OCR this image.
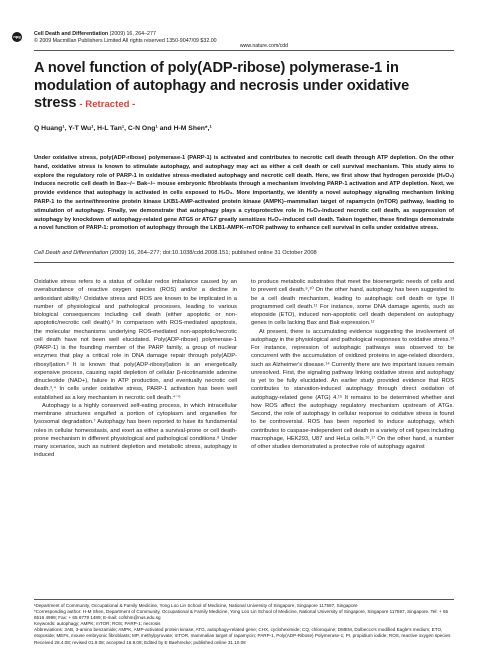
npg	Cell Death and Differentiation (2009) 16, 264–277
© 2009 Macmillan Publishers Limited All rights reserved 1350-9047/09 $32.00
www.nature.com/cdd
A novel function of poly(ADP-ribose) polymerase-1 in modulation of autophagy and necrosis under oxidative stress - Retracted -
Q Huang¹, Y-T Wu¹, H-L Tan¹, C-N Ong¹ and H-M Shen*,¹

Under oxidative stress, poly(ADP-ribose) polymerase-1 (PARP-1) is activated and contributes to necrotic cell death through ATP depletion. On the other hand, oxidative stress is known to stimulate autophagy, and autophagy may act as either a cell death or cell survival mechanism. This study aims to explore the regulatory role of PARP-1 in oxidative stress-mediated autophagy and necrotic cell death. Here, we first show that hydrogen peroxide (H₂O₂) induces necrotic cell death in Bax−/− Bak−/− mouse embryonic fibroblasts through a mechanism involving PARP-1 activation and ATP depletion. Next, we provide evidence that autophagy is activated in cells exposed to H₂O₂. More importantly, we identify a novel autophagy signaling mechanism linking PARP-1 to the serine/threonine protein kinase LKB1-AMP-activated protein kinase (AMPK)–mammalian target of rapamycin (mTOR) pathway, leading to stimulation of autophagy. Finally, we demonstrate that autophagy plays a cytoprotective role in H₂O₂-induced necrotic cell death, as suppression of autophagy by knockdown of autophagy-related gene ATG5 or ATG7 greatly sensitizes H₂O₂-induced cell death. Taken together, these findings demonstrate a novel function of PARP-1: promotion of autophagy through the LKB1-AMPK–mTOR pathway to enhance cell survival in cells under oxidative stress.

Cell Death and Differentiation (2009) 16, 264–277; doi:10.1038/cdd.2008.151; published online 31 October 2008

Oxidative stress refers to a status of cellular redox imbalance caused by an overabundance of reactive oxygen species (ROS) and/or a decline in antioxidant ability.¹ Oxidative stress and ROS are known to be implicated in a number of physiological and pathological processes, leading to various biological consequences including cell death (either apoptotic or non-apoptotic/necrotic cell death).² In comparison with ROS-mediated apoptosis, the molecular mechanisms underlying ROS-mediated non-apoptotic/necrotic cell death have not been well elucidated. Poly(ADP-ribose) polymerase-1 (PARP-1) is the founding member of the PARP family, a group of nuclear enzymes that play a critical role in DNA damage repair through poly(ADP-ribosyl)ation.³ It is known that poly(ADP-ribosyl)ation is an energetically expensive process, causing rapid depletion of cellular β-nicotinamide adenine dinucleotide (NAD+), failure in ATP production, and eventually necrotic cell death.³,⁴ In cells under oxidative stress, PARP-1 activation has been well established as a key mechanism in necrotic cell death.⁴⁻⁶

Autophagy is a highly conserved self-eating process, in which intracellular membrane structures engulfed a portion of cytoplasm and organelles for lysosomal degradation.⁷ Autophagy has been reported to have its fundamental roles in cellular homeostasis, and exert as either a survival-prone or cell death-prone mechanism in different physiological and pathological conditions.⁸ Under many scenarios, such as nutrient depletion and metabolic stress, autophagy is induced

to produce metabolic substrates that meet the bioenergetic needs of cells and to prevent cell death.⁹,¹⁰ On the other hand, autophagy has been suggested to be a cell death mechanism, leading to autophagic cell death or type II programmed cell death.¹¹ For instance, some DNA damage agents, such as etoposide (ETO), induced non-apoptotic cell death dependent on autophagy genes in cells lacking Bax and Bak expression.¹²

At present, there is accumulating evidence suggesting the involvement of autophagy in the physiological and pathological responses to oxidative stress.¹³ For instance, repression of autophagic pathways was observed to be concurrent with the accumulation of oxidized proteins in age-related disorders, such as Alzheimer's disease.¹⁴ Currently there are two important issues remain unresolved. First, the signaling pathway linking oxidative stress and autophagy is yet to be fully elucidated. An earlier study provided evidence that ROS contributes to starvation-induced autophagy through direct oxidation of autophagy-related gene (ATG) 4.¹⁵ It remains to be determined whether and how ROS affect the autophagy regulatory mechanism upstream of ATGs. Second, the role of autophagy in cellular response to oxidative stress is found to be controversial. ROS has been reported to induce autophagy, which contributes to caspase-independent cell death in a variety of cell types including macrophage, HEK293, U87 and HeLa cells.¹⁶,¹⁷ On the other hand, a number of other studies demonstrated a protective role of autophagy against

¹Department of Community, Occupational & Family Medicine, Yong Loo Lin School of Medicine, National University of Singapore, Singapore 117597, Singapore
*Corresponding author: H-M Shen, Department of Community, Occupational & Family Medicine, Yong Loo Lin School of Medicine, National University of Singapore, Singapore 117597, Singapore. Tel: + 65 6516 4998; Fax: + 65 6779 1489; E-mail: cofshm@nus.edu.sg
Keywords: autophagy; AMPK; mTOR; ROS; PARP-1; necrosis
Abbreviations: 3AB, 3-amino benzamide; AMPK, AMP-activated protein kinase; ATG, autophagy-related gene; CHX, cycloheximide; CQ, chloroquine; DMEM, Dulbecco's modified Eagle's medium; ETO, etoposide; MEFs, mouse embryonic fibroblasts; MP, methylpyruvate; mTOR, mammalian target of rapamycin; PARP-1, Poly(ADP-Ribose) Polymerase-1; PI, propidium iodide; ROS, reactive oxygen species
Received 28.4.08; revised 01.9.08; accepted 16.9.08; Edited by E Baehrecke; published online 31.10.08
